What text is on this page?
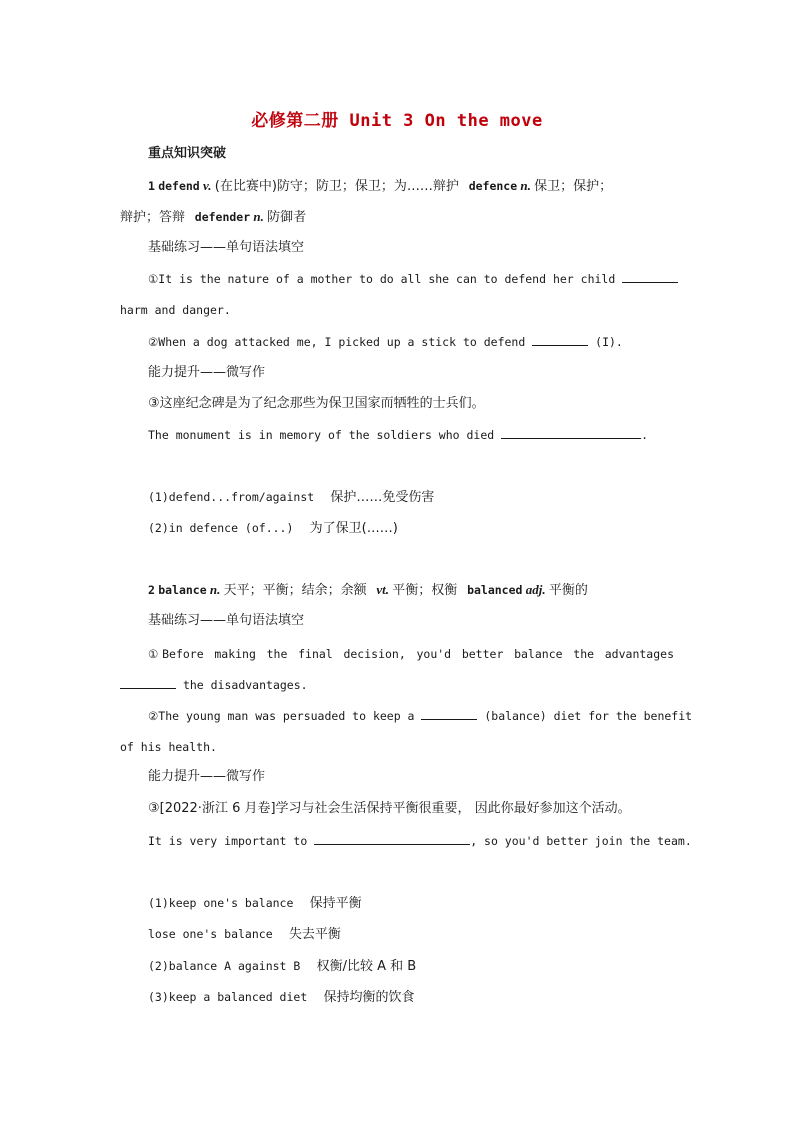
必修第二册 Unit 3 On the move
重点知识突破
1 defend v. (在比赛中)防守；防卫；保卫；为……辩护 defence n. 保卫；保护；
辩护；答辩 defender n. 防御者
基础练习——单句语法填空
①It is the nature of a mother to do all she can to defend her child
harm and danger.
②When a dog attacked me, I picked up a stick to defend	(I).
能力提升——微写作
③这座纪念碑是为了纪念那些为保卫国家而牺牲的士兵们。
The monument is in memory of the soldiers who died	.
(1)defend...from/against 保护……免受伤害
(2)in defence (of...) 为了保卫(……)
2 balance n. 天平；平衡；结余；余额 vt. 平衡；权衡 balanced adj. 平衡的
基础练习——单句语法填空
①Before making the final decision, you'd better balance the advantages
the disadvantages.
②The young man was persuaded to keep a	(balance) diet for the benefit
of his health.
能力提升——微写作
③[2022·浙江 6 月卷]学习与社会生活保持平衡很重要， 因此你最好参加这个活动。
It is very important to	, so you'd better join the team.
(1)keep one's balance 保持平衡
lose one's balance 失去平衡
(2)balance A against B 权衡/比较 A 和 B
(3)keep a balanced diet 保持均衡的饮食
